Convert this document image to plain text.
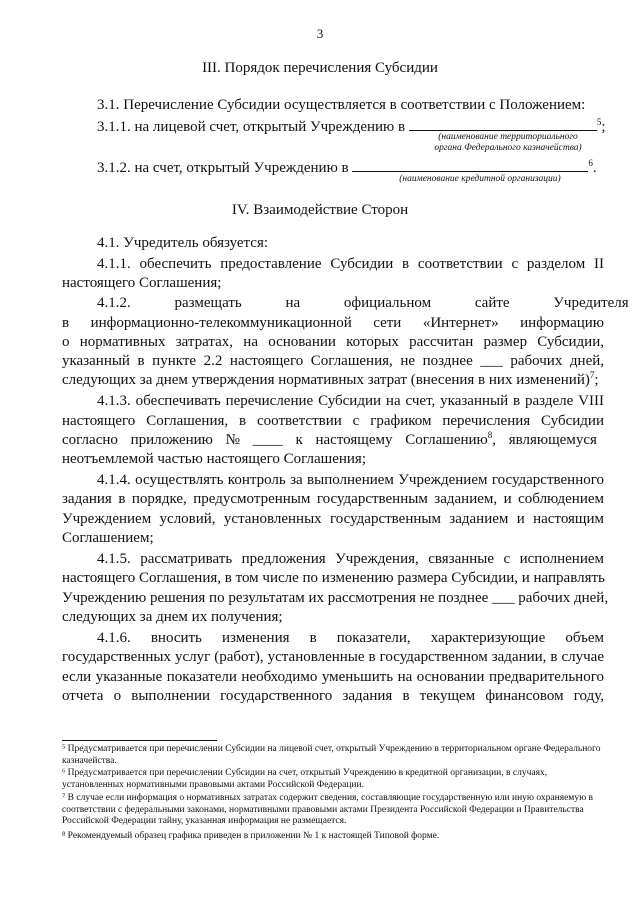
3
III. Порядок перечисления Субсидии
3.1. Перечисление Субсидии осуществляется в соответствии с Положением:
3.1.1. на лицевой счет, открытый Учреждению в	$^5$;
(наименование территориального
органа Федерального казначейства)
3.1.2. на счет, открытый Учреждению в	$^6$.
(наименование кредитной организации)
IV. Взаимодействие Сторон
4.1. Учредитель обязуется:
4.1.1. обеспечить предоставление Субсидии в соответствии с разделом II
настоящего Соглашения;
4.1.2. размещать на официальном сайте Учредителя
в информационно-телекоммуникационной сети «Интернет» информацию
о нормативных затратах, на основании которых рассчитан размер Субсидии,
указанный в пункте 2.2 настоящего Соглашения, не позднее ___ рабочих дней,
следующих за днем утверждения нормативных затрат (внесения в них изменений)$^7$;
4.1.3. обеспечивать перечисление Субсидии на счет, указанный в разделе VIII
настоящего Соглашения, в соответствии с графиком перечисления Субсидии
согласно приложению № ____ к настоящему Соглашению$^8$, являющемуся
неотъемлемой частью настоящего Соглашения;
4.1.4. осуществлять контроль за выполнением Учреждением государственного
задания в порядке, предусмотренным государственным заданием, и соблюдением
Учреждением условий, установленных государственным заданием и настоящим
Соглашением;
4.1.5. рассматривать предложения Учреждения, связанные с исполнением
настоящего Соглашения, в том числе по изменению размера Субсидии, и направлять
Учреждению решения по результатам их рассмотрения не позднее ___ рабочих дней,
следующих за днем их получения;
4.1.6. вносить изменения в показатели, характеризующие объем
государственных услуг (работ), установленные в государственном задании, в случае
если указанные показатели необходимо уменьшить на основании предварительного
отчета о выполнении государственного задания в текущем финансовом году,
⁵ Предусматривается при перечислении Субсидии на лицевой счет, открытый Учреждению в территориальном органе Федерального казначейства.
⁶ Предусматривается при перечислении Субсидии на счет, открытый Учреждению в кредитной организации, в случаях, установленных нормативными правовыми актами Российской Федерации.
⁷ В случае если информация о нормативных затратах содержит сведения, составляющие государственную или иную охраняемую в соответствии с федеральными законами, нормативными правовыми актами Президента Российской Федерации и Правительства Российской Федерации тайну, указанная информация не размещается.
⁸ Рекомендуемый образец графика приведен в приложении № 1 к настоящей Типовой форме.
